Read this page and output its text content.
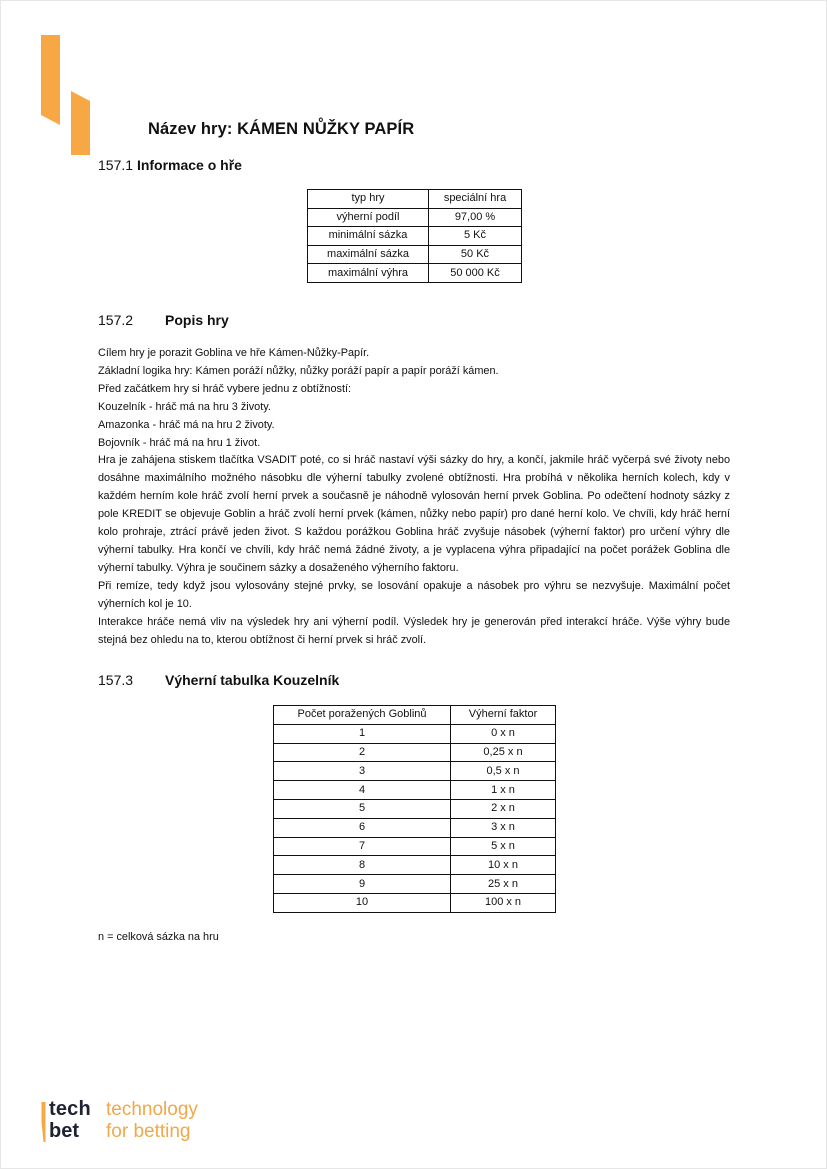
Název hry: KÁMEN NŮŽKY PAPÍR
157.1 Informace o hře
typ hry	speciální hra
výherní podíl	97,00 %
minimální sázka	5 Kč
maximální sázka	50 Kč
maximální výhra	50 000 Kč
157.2 Popis hry

Cílem hry je porazit Goblina ve hře Kámen-Nůžky-Papír.

Základní logika hry: Kámen poráží nůžky, nůžky poráží papír a papír poráží kámen.

Před začátkem hry si hráč vybere jednu z obtížností:

Kouzelník - hráč má na hru 3 životy.

Amazonka - hráč má na hru 2 životy.

Bojovník - hráč má na hru 1 život.

Hra je zahájena stiskem tlačítka VSADIT poté, co si hráč nastaví výši sázky do hry, a končí, jakmile hráč vyčerpá své životy nebo dosáhne maximálního možného násobku dle výherní tabulky zvolené obtížnosti. Hra probíhá v několika herních kolech, kdy v každém herním kole hráč zvolí herní prvek a současně je náhodně vylosován herní prvek Goblina. Po odečtení hodnoty sázky z pole KREDIT se objevuje Goblin a hráč zvolí herní prvek (kámen, nůžky nebo papír) pro dané herní kolo. Ve chvíli, kdy hráč herní kolo prohraje, ztrácí právě jeden život. S každou porážkou Goblina hráč zvyšuje násobek (výherní faktor) pro určení výhry dle výherní tabulky. Hra končí ve chvíli, kdy hráč nemá žádné životy, a je vyplacena výhra připadající na počet porážek Goblina dle výherní tabulky. Výhra je součinem sázky a dosaženého výherního faktoru.

Při remíze, tedy když jsou vylosovány stejné prvky, se losování opakuje a násobek pro výhru se nezvyšuje. Maximální počet výherních kol je 10.

Interakce hráče nemá vliv na výsledek hry ani výherní podíl. Výsledek hry je generován před interakcí hráče. Výše výhry bude stejná bez ohledu na to, kterou obtížnost či herní prvek si hráč zvolí.

157.3 Výherní tabulka Kouzelník
Počet poražených Goblinů	Výherní faktor
1	0 x n
2	0,25 x n
3	0,5 x n
4	1 x n
5	2 x n
6	3 x n
7	5 x n
8	10 x n
9	25 x n
10	100 x n
n = celková sázka na hru
tech
bet
technology
for betting
